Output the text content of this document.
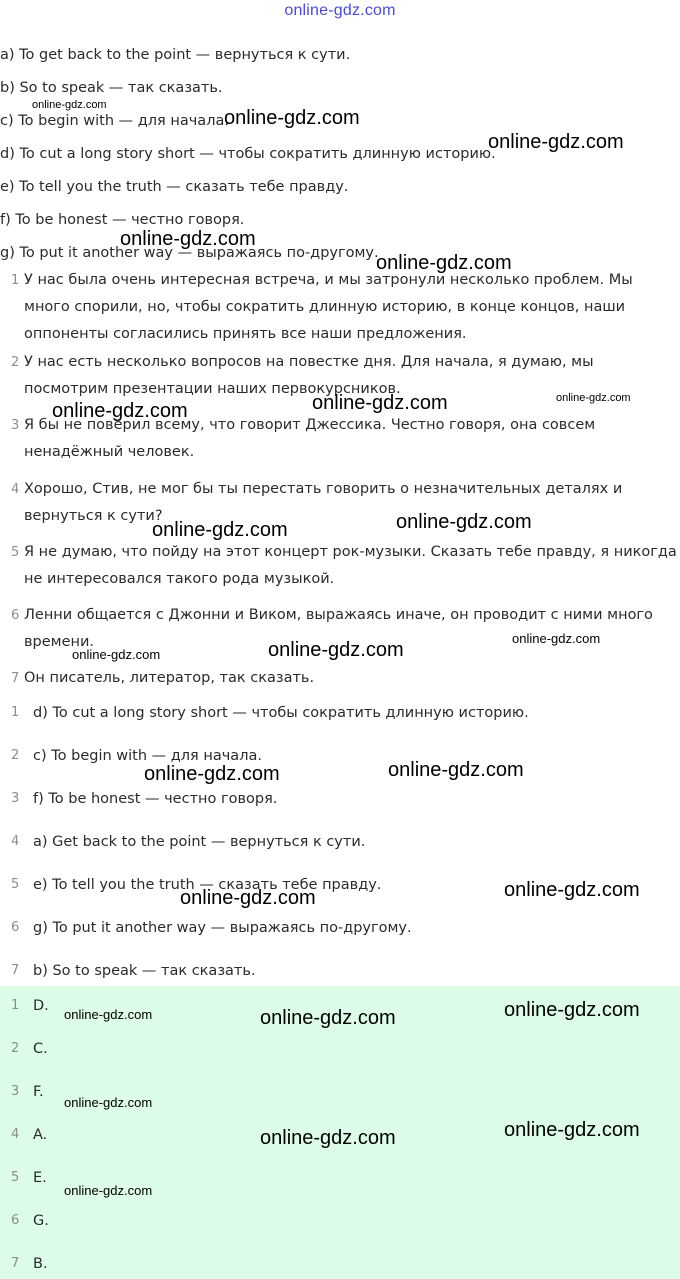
online-gdz.com
a) To get back to the point — вернуться к сути.
b) So to speak — так сказать.
c) To begin with — для начала.
d) To cut a long story short — чтобы сократить длинную историю.
e) To tell you the truth — сказать тебе правду.
f) To be honest — честно говоря.
g) To put it another way — выражаясь по-другому.
1 У нас была очень интересная встреча, и мы затронули несколько проблем. Мы много спорили, но, чтобы сократить длинную историю, в конце концов, наши оппоненты согласились принять все наши предложения.
2 У нас есть несколько вопросов на повестке дня. Для начала, я думаю, мы посмотрим презентации наших первокурсников.
3 Я бы не поверил всему, что говорит Джессика. Честно говоря, она совсем ненадёжный человек.
4 Хорошо, Стив, не мог бы ты перестать говорить о незначительных деталях и вернуться к сути?
5 Я не думаю, что пойду на этот концерт рок-музыки. Сказать тебе правду, я никогда не интересовался такого рода музыкой.
6 Ленни общается с Джонни и Виком, выражаясь иначе, он проводит с ними много времени.
7 Он писатель, литератор, так сказать.
1 d) To cut a long story short — чтобы сократить длинную историю.
2 c) To begin with — для начала.
3 f) To be honest — честно говоря.
4 a) Get back to the point — вернуться к сути.
5 e) To tell you the truth — сказать тебе правду.
6 g) To put it another way — выражаясь по-другому.
7 b) So to speak — так сказать.
1 D.
2 C.
3 F.
4 A.
5 E.
6 G.
7 B.
online-gdz.com
online-gdz.com
online-gdz.com
online-gdz.com
online-gdz.com
online-gdz.com
online-gdz.com
online-gdz.com
online-gdz.com
online-gdz.com
online-gdz.com
online-gdz.com
online-gdz.com
online-gdz.com
online-gdz.com
online-gdz.com
online-gdz.com
online-gdz.com
online-gdz.com	online-gdz.com
online-gdz.com
online-gdz.com
online-gdz.com
online-gdz.com
